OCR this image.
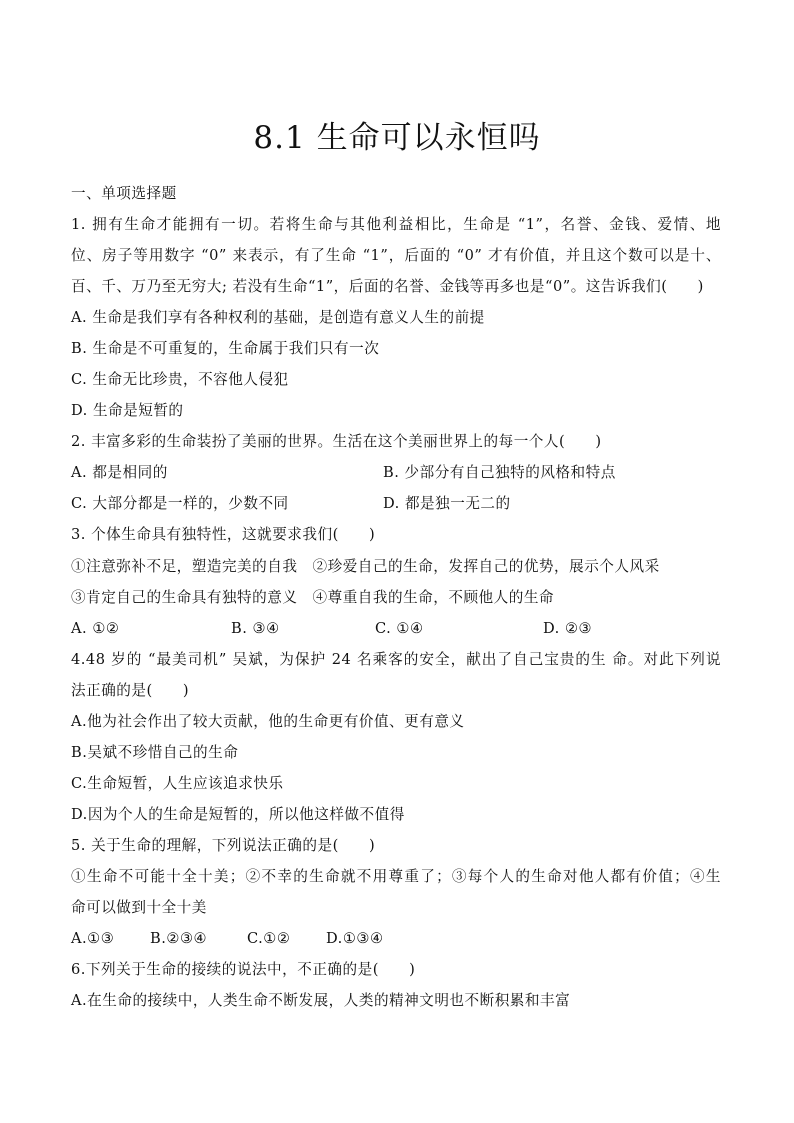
8.1 生命可以永恒吗
一、单项选择题
1. 拥有生命才能拥有一切。若将生命与其他利益相比，生命是 “1”，名誉、金钱、爱情、地
位、房子等用数字 “0” 来表示，有了生命 “1”，后面的 “0” 才有价值，并且这个数可以是十、
百、千、万乃至无穷大; 若没有生命“1”，后面的名誉、金钱等再多也是“0”。这告诉我们(　　)
A. 生命是我们享有各种权利的基础，是创造有意义人生的前提
B. 生命是不可重复的，生命属于我们只有一次
C. 生命无比珍贵，不容他人侵犯
D. 生命是短暂的
2. 丰富多彩的生命装扮了美丽的世界。生活在这个美丽世界上的每一个人(　　)
A. 都是相同的	B. 少部分有自己独特的风格和特点
C. 大部分都是一样的，少数不同	D. 都是独一无二的
3. 个体生命具有独特性，这就要求我们(　　)
①注意弥补不足，塑造完美的自我　②珍爱自己的生命，发挥自己的优势，展示个人风采
③肯定自己的生命具有独特的意义　④尊重自我的生命，不顾他人的生命
A. ①②	B. ③④	C. ①④	D. ②③
4.48 岁的 “最美司机” 吴斌，为保护 24 名乘客的安全，献出了自己宝贵的生 命。对此下列说
法正确的是(　　)
A.他为社会作出了较大贡献，他的生命更有价值、更有意义
B.吴斌不珍惜自己的生命
C.生命短暂，人生应该追求快乐
D.因为个人的生命是短暂的，所以他这样做不值得
5. 关于生命的理解，下列说法正确的是(　　)
①生命不可能十全十美；②不幸的生命就不用尊重了；③每个人的生命对他人都有价值；④生
命可以做到十全十美
A.①③ B.②③④	C.①② D.①③④
6.下列关于生命的接续的说法中，不正确的是(　　)
A.在生命的接续中，人类生命不断发展，人类的精神文明也不断积累和丰富
